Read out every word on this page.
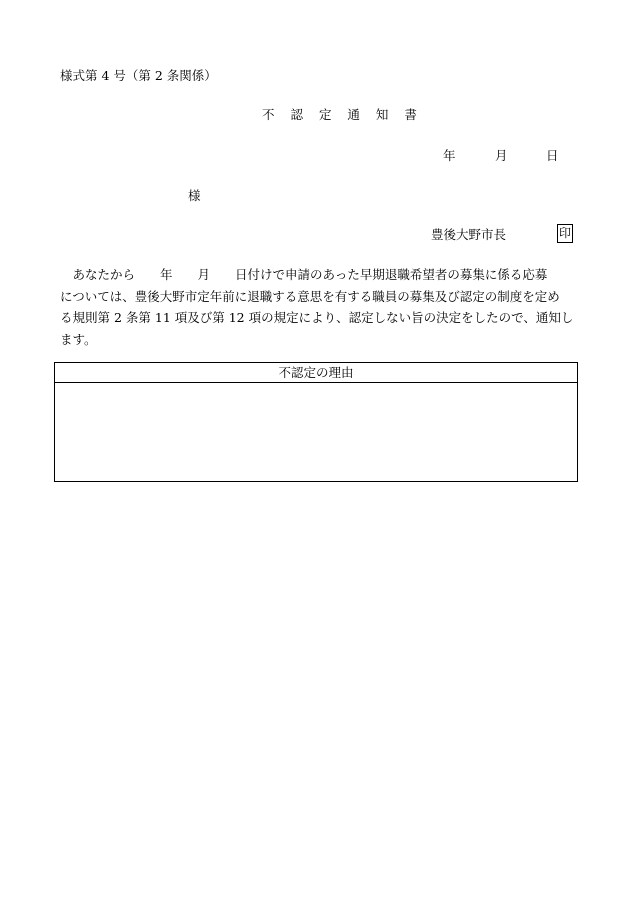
様式第 4 号（第 2 条関係）
不 認 定 通 知 書
年	月	日
様
豊後大野市長	印
　あなたから　　年　　月　　日付けで申請のあった早期退職希望者の募集に係る応募
については、豊後大野市定年前に退職する意思を有する職員の募集及び認定の制度を定め
る規則第 2 条第 11 項及び第 12 項の規定により、認定しない旨の決定をしたので、通知し
ます。
不認定の理由
